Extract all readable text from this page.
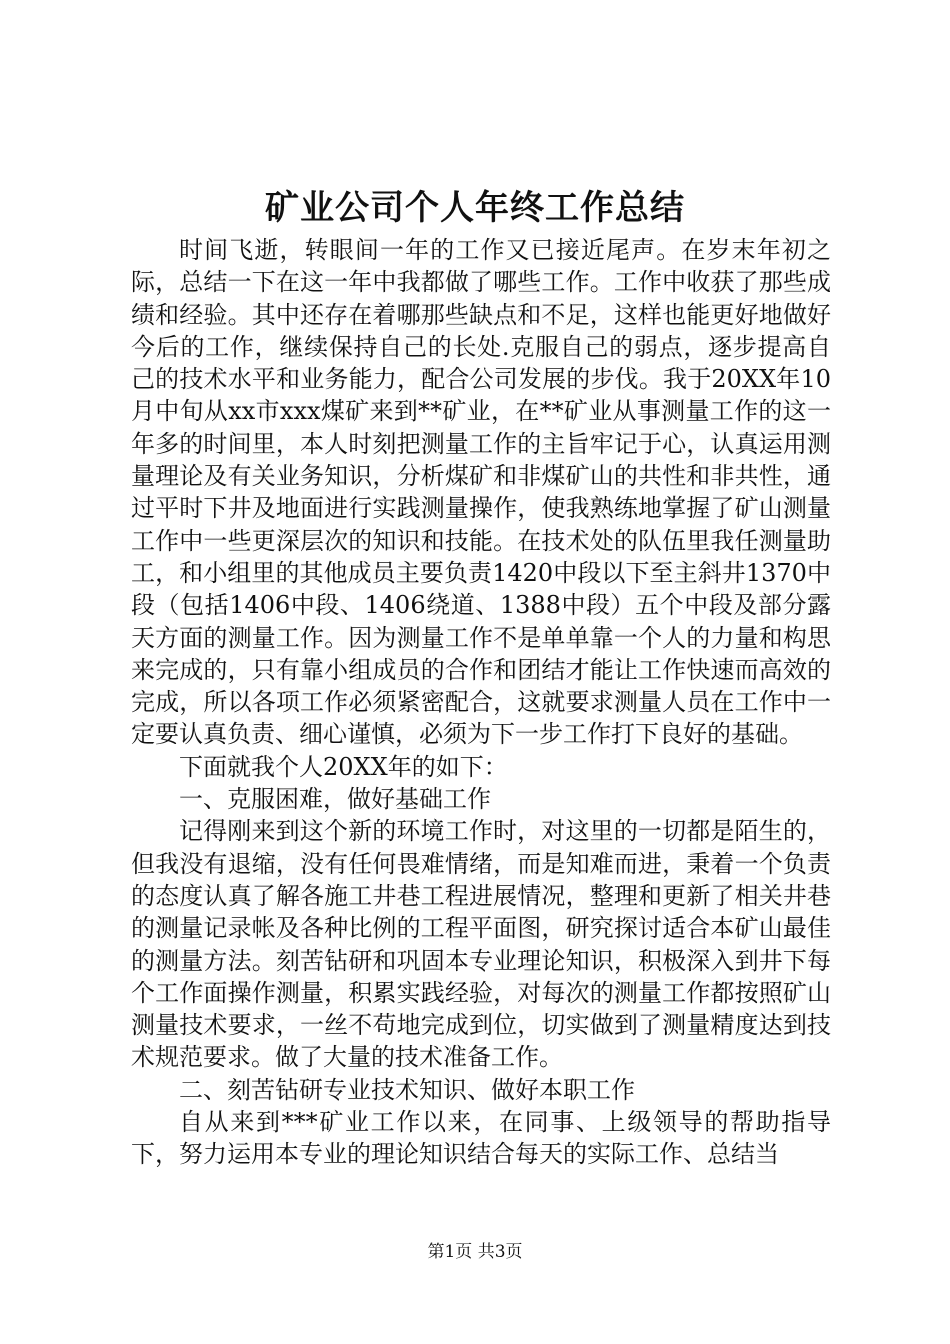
矿业公司个人年终工作总结

时间飞逝，转眼间一年的工作又已接近尾声。在岁末年初之际，总结一下在这一年中我都做了哪些工作。工作中收获了那些成绩和经验。其中还存在着哪那些缺点和不足，这样也能更好地做好今后的工作，继续保持自己的长处.克服自己的弱点，逐步提高自己的技术水平和业务能力，配合公司发展的步伐。我于20XX年10月中旬从xx市xxx煤矿来到**矿业，在**矿业从事测量工作的这一年多的时间里，本人时刻把测量工作的主旨牢记于心，认真运用测量理论及有关业务知识，分析煤矿和非煤矿山的共性和非共性，通过平时下井及地面进行实践测量操作，使我熟练地掌握了矿山测量工作中一些更深层次的知识和技能。在技术处的队伍里我任测量助工，和小组里的其他成员主要负责1420中段以下至主斜井1370中段（包括1406中段、1406绕道、1388中段）五个中段及部分露天方面的测量工作。因为测量工作不是单单靠一个人的力量和构思来完成的，只有靠小组成员的合作和团结才能让工作快速而高效的完成，所以各项工作必须紧密配合，这就要求测量人员在工作中一定要认真负责、细心谨慎，必须为下一步工作打下良好的基础。

下面就我个人20XX年的如下：

一、克服困难，做好基础工作

记得刚来到这个新的环境工作时，对这里的一切都是陌生的，但我没有退缩，没有任何畏难情绪，而是知难而进，秉着一个负责的态度认真了解各施工井巷工程进展情况，整理和更新了相关井巷的测量记录帐及各种比例的工程平面图，研究探讨适合本矿山最佳的测量方法。刻苦钻研和巩固本专业理论知识，积极深入到井下每个工作面操作测量，积累实践经验，对每次的测量工作都按照矿山测量技术要求，一丝不苟地完成到位，切实做到了测量精度达到技术规范要求。做了大量的技术准备工作。

二、刻苦钻研专业技术知识、做好本职工作

自从来到***矿业工作以来，在同事、上级领导的帮助指导下，努力运用本专业的理论知识结合每天的实际工作、总结当

第1页 共3页
